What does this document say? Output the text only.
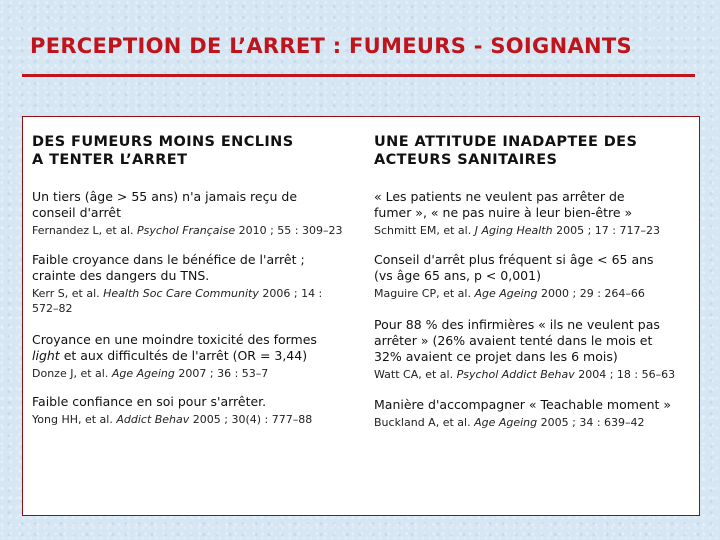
PERCEPTION DE L’ARRET : FUMEURS - SOIGNANTS
DES FUMEURS MOINS ENCLINS
A TENTER L’ARRET
Un tiers (âge > 55 ans) n'a jamais reçu de
conseil d'arrêt
Fernandez L, et al. Psychol Française 2010 ; 55 : 309–23
Faible croyance dans le bénéfice de l'arrêt ;
crainte des dangers du TNS.
Kerr S, et al. Health Soc Care Community 2006 ; 14 :
572–82
Croyance en une moindre toxicité des formes
light et aux difficultés de l'arrêt (OR = 3,44)
Donze J, et al. Age Ageing 2007 ; 36 : 53–7
Faible confiance en soi pour s'arrêter.
Yong HH, et al. Addict Behav 2005 ; 30(4) : 777–88
UNE ATTITUDE INADAPTEE DES
ACTEURS SANITAIRES
« Les patients ne veulent pas arrêter de
fumer », « ne pas nuire à leur bien-être »
Schmitt EM, et al. J Aging Health 2005 ; 17 : 717–23
Conseil d'arrêt plus fréquent si âge < 65 ans
(vs âge 65 ans, p < 0,001)
Maguire CP, et al. Age Ageing 2000 ; 29 : 264–66
Pour 88 % des infirmières « ils ne veulent pas
arrêter » (26% avaient tenté dans le mois et
32% avaient ce projet dans les 6 mois)
Watt CA, et al. Psychol Addict Behav 2004 ; 18 : 56–63
Manière d'accompagner « Teachable moment »
Buckland A, et al. Age Ageing 2005 ; 34 : 639–42
